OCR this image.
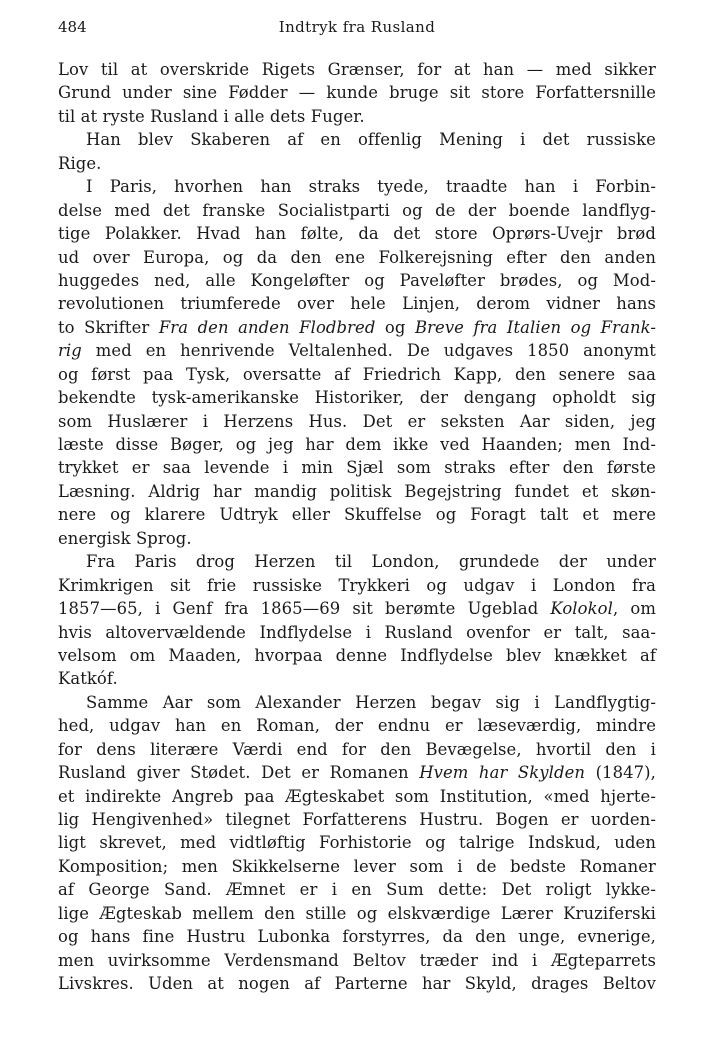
484	Indtryk fra Rusland
Lov til at overskride Rigets Grænser, for at han — med sikker
Grund under sine Fødder — kunde bruge sit store Forfattersnille
til at ryste Rusland i alle dets Fuger.
Han blev Skaberen af en offenlig Mening i det russiske
Rige.
I Paris, hvorhen han straks tyede, traadte han i Forbin-
delse med det franske Socialistparti og de der boende landflyg-
tige Polakker. Hvad han følte, da det store Oprørs-Uvejr brød
ud over Europa, og da den ene Folkerejsning efter den anden
huggedes ned, alle Kongeløfter og Paveløfter brødes, og Mod-
revolutionen triumferede over hele Linjen, derom vidner hans
to Skrifter Fra den anden Flodbred og Breve fra Italien og Frank-
rig med en henrivende Veltalenhed. De udgaves 1850 anonymt
og først paa Tysk, oversatte af Friedrich Kapp, den senere saa
bekendte tysk-amerikanske Historiker, der dengang opholdt sig
som Huslærer i Herzens Hus. Det er seksten Aar siden, jeg
læste disse Bøger, og jeg har dem ikke ved Haanden; men Ind-
trykket er saa levende i min Sjæl som straks efter den første
Læsning. Aldrig har mandig politisk Begejstring fundet et skøn-
nere og klarere Udtryk eller Skuffelse og Foragt talt et mere
energisk Sprog.
Fra Paris drog Herzen til London, grundede der under
Krimkrigen sit frie russiske Trykkeri og udgav i London fra
1857—65, i Genf fra 1865—69 sit berømte Ugeblad Kolokol, om
hvis altovervældende Indflydelse i Rusland ovenfor er talt, saa-
velsom om Maaden, hvorpaa denne Indflydelse blev knækket af
Katkóf.
Samme Aar som Alexander Herzen begav sig i Landflygtig-
hed, udgav han en Roman, der endnu er læseværdig, mindre
for dens literære Værdi end for den Bevægelse, hvortil den i
Rusland giver Stødet. Det er Romanen Hvem har Skylden (1847),
et indirekte Angreb paa Ægteskabet som Institution, «med hjerte-
lig Hengivenhed» tilegnet Forfatterens Hustru. Bogen er uorden-
ligt skrevet, med vidtløftig Forhistorie og talrige Indskud, uden
Komposition; men Skikkelserne lever som i de bedste Romaner
af George Sand. Æmnet er i en Sum dette: Det roligt lykke-
lige Ægteskab mellem den stille og elskværdige Lærer Kruziferski
og hans fine Hustru Lubonka forstyrres, da den unge, evnerige,
men uvirksomme Verdensmand Beltov træder ind i Ægteparrets
Livskres. Uden at nogen af Parterne har Skyld, drages Beltov
